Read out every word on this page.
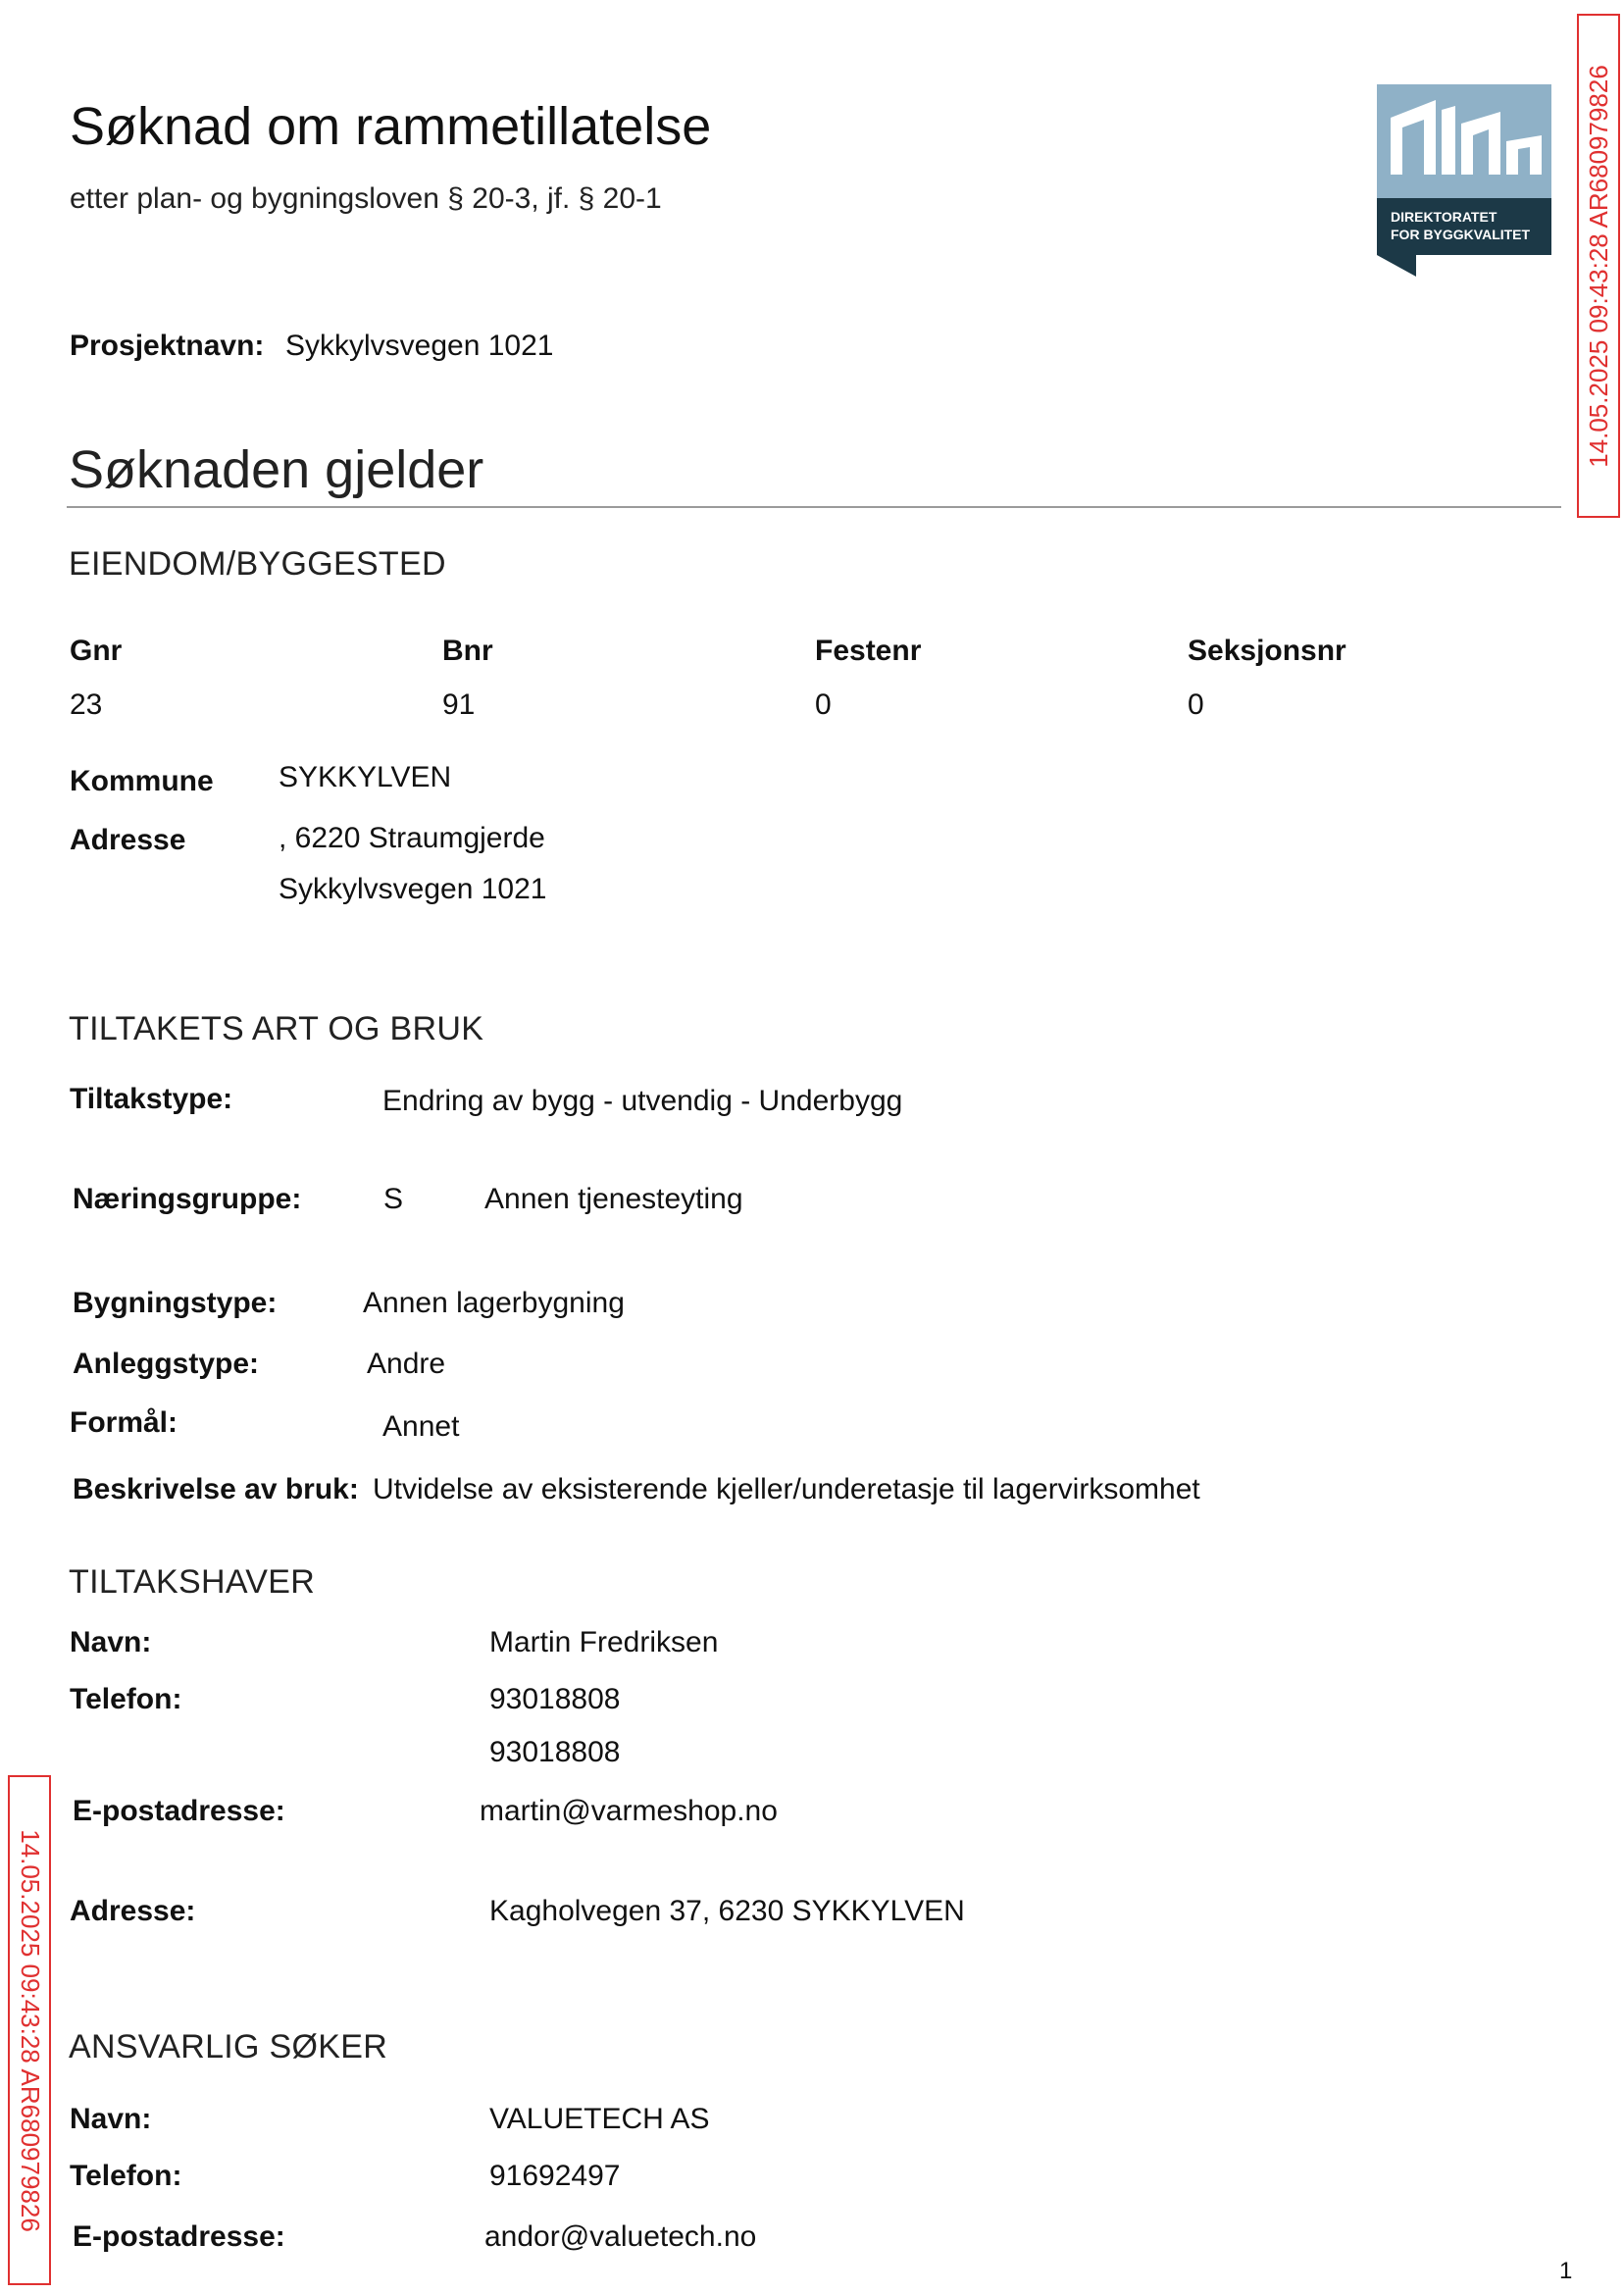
Søknad om rammetillatelse
etter plan- og bygningsloven § 20-3, jf. § 20-1
DIREKTORATET
FOR BYGGKVALITET 14.05.2025 09:43:28 AR680979826
14.05.2025 09:43:28 AR680979826
Prosjektnavn: Sykkylvsvegen 1021
Søknaden gjelder
EIENDOM/BYGGESTED
Gnr	Bnr	Festenr	Seksjonsnr
23	91	0	0
Kommune SYKKYLVEN
Adresse	, 6220 Straumgjerde
Sykkylvsvegen 1021
TILTAKETS ART OG BRUK
Tiltakstype:	Endring av bygg - utvendig - Underbygg
Næringsgruppe:	S	Annen tjenesteyting
Bygningstype:	Annen lagerbygning
Anleggstype:	Andre
Formål:	Annet
Beskrivelse av bruk: Utvidelse av eksisterende kjeller/underetasje til lagervirksomhet
TILTAKSHAVER
Navn:	Martin Fredriksen
Telefon:	93018808
93018808
E-postadresse:	martin@varmeshop.no
Adresse:	Kagholvegen 37, 6230 SYKKYLVEN
ANSVARLIG SØKER
Navn:	VALUETECH AS
Telefon:	91692497
E-postadresse:	andor@valuetech.no
1
